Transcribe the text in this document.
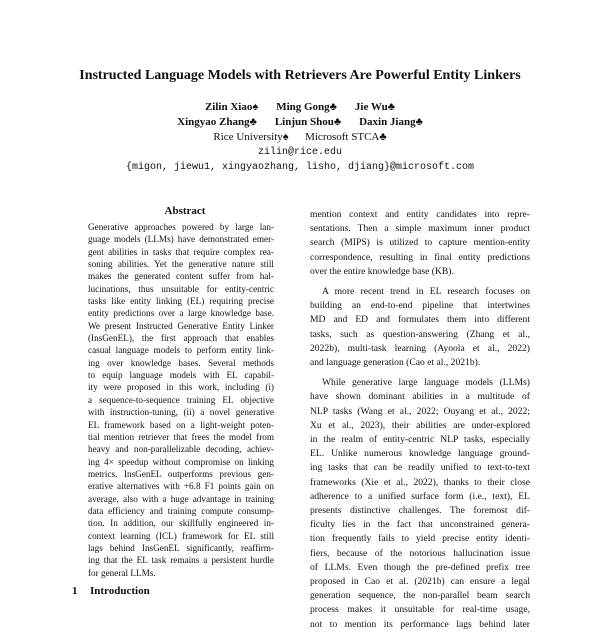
Instructed Language Models with Retrievers Are Powerful Entity Linkers
Zilin Xiao♠ Ming Gong♣ Jie Wu♣
Xingyao Zhang♣ Linjun Shou♣ Daxin Jiang♣
Rice University♠      Microsoft STCA♣
zilin@rice.edu
{migon, jiewu1, xingyaozhang, lisho, djiang}@microsoft.com
Abstract
Generative approaches powered by large lan-
guage models (LLMs) have demonstrated emer-
gent abilities in tasks that require complex rea-
soning abilities. Yet the generative nature still
makes the generated content suffer from hal-
lucinations, thus unsuitable for entity-centric
tasks like entity linking (EL) requiring precise
entity predictions over a large knowledge base.
We present Instructed Generative Entity Linker
(InsGenEL), the first approach that enables
casual language models to perform entity link-
ing over knowledge bases. Several methods
to equip language models with EL capabil-
ity were proposed in this work, including (i)
a sequence-to-sequence training EL objective
with instruction-tuning, (ii) a novel generative
EL framework based on a light-weight poten-
tial mention retriever that frees the model from
heavy and non-parallelizable decoding, achiev-
ing 4× speedup without compromise on linking
metrics. InsGenEL outperforms previous gen-
erative alternatives with +6.8 F1 points gain on
average, also with a huge advantage in training
data efficiency and training compute consump-
tion. In addition, our skillfully engineered in-
context learning (ICL) framework for EL still
lags behind InsGenEL significantly, reaffirm-
ing that the EL task remains a persistent hurdle
for general LLMs.
1 Introduction

mention context and entity candidates into repre-
sentations. Then a simple maximum inner product
search (MIPS) is utilized to capture mention-entity
correspondence, resulting in final entity predictions
over the entire knowledge base (KB).

A more recent trend in EL research focuses on
building an end-to-end pipeline that intertwines
MD and ED and formulates them into different
tasks, such as question-answering (Zhang et al.,
2022b), multi-task learning (Ayoola et al., 2022)
and language generation (Cao et al., 2021b).

While generative large language models (LLMs)
have shown dominant abilities in a multitude of
NLP tasks (Wang et al., 2022; Ouyang et al., 2022;
Xu et al., 2023), their abilities are under-explored
in the realm of entity-centric NLP tasks, especially
EL. Unlike numerous knowledge language ground-
ing tasks that can be readily unified to text-to-text
frameworks (Xie et al., 2022), thanks to their close
adherence to a unified surface form (i.e., text), EL
presents distinctive challenges. The foremost dif-
ficulty lies in the fact that unconstrained genera-
tion frequently fails to yield precise entity identi-
fiers, because of the notorious hallucination issue
of LLMs. Even though the pre-defined prefix tree
proposed in Cao et al. (2021b) can ensure a legal
generation sequence, the non-parallel beam search
process makes it unsuitable for real-time usage,
not to mention its performance lags behind later
